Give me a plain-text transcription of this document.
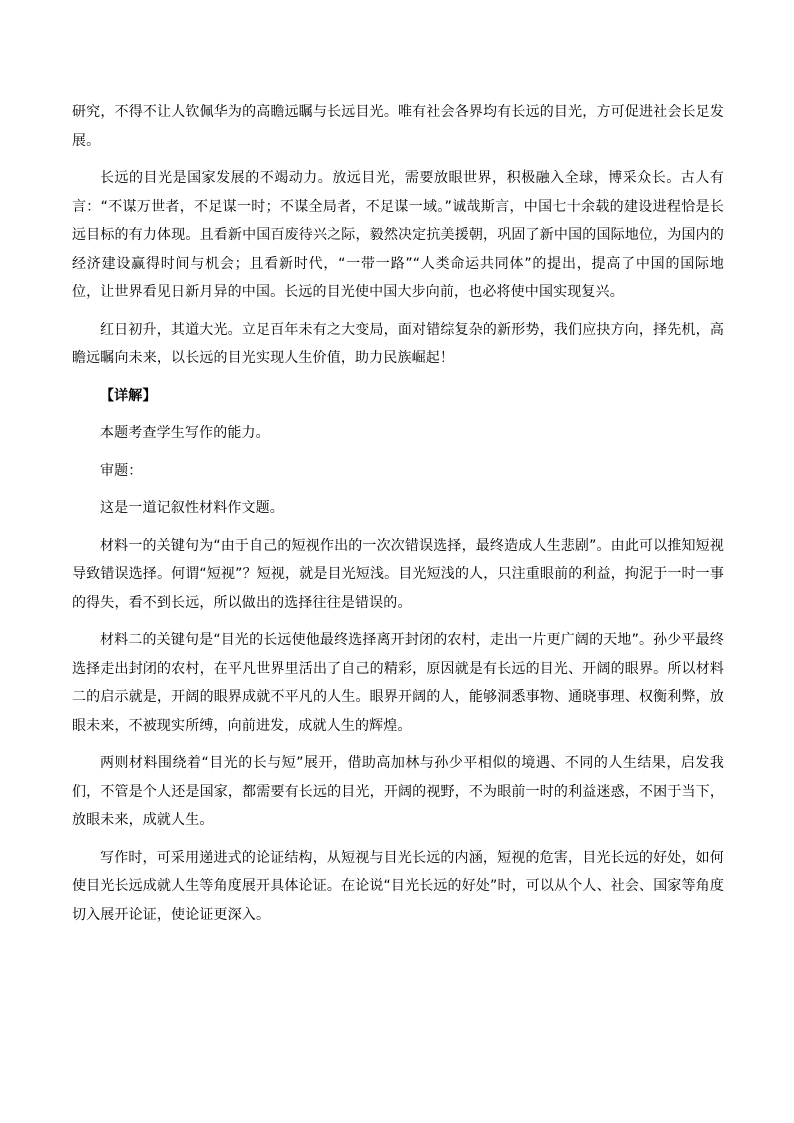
研究，不得不让人钦佩华为的高瞻远瞩与长远目光。唯有社会各界均有长远的目光，方可促进社会长足发展。

长远的目光是国家发展的不竭动力。放远目光，需要放眼世界，积极融入全球，博采众长。古人有言：“不谋万世者，不足谋一时；不谋全局者，不足谋一域。”诚哉斯言，中国七十余载的建设进程恰是长远目标的有力体现。且看新中国百废待兴之际，毅然决定抗美援朝，巩固了新中国的国际地位，为国内的经济建设赢得时间与机会；且看新时代，“一带一路”“人类命运共同体”的提出，提高了中国的国际地位，让世界看见日新月异的中国。长远的目光使中国大步向前，也必将使中国实现复兴。

红日初升，其道大光。立足百年未有之大变局，面对错综复杂的新形势，我们应抉方向，择先机，高瞻远瞩向未来，以长远的目光实现人生价值，助力民族崛起！

【详解】

本题考查学生写作的能力。

审题：

这是一道记叙性材料作文题。

材料一的关键句为“由于自己的短视作出的一次次错误选择，最终造成人生悲剧”。由此可以推知短视导致错误选择。何谓“短视”？短视，就是目光短浅。目光短浅的人，只注重眼前的利益，拘泥于一时一事的得失，看不到长远，所以做出的选择往往是错误的。

材料二的关键句是“目光的长远使他最终选择离开封闭的农村，走出一片更广阔的天地”。孙少平最终选择走出封闭的农村，在平凡世界里活出了自己的精彩，原因就是有长远的目光、开阔的眼界。所以材料二的启示就是，开阔的眼界成就不平凡的人生。眼界开阔的人，能够洞悉事物、通晓事理、权衡利弊，放眼未来，不被现实所缚，向前进发，成就人生的辉煌。

两则材料围绕着“目光的长与短”展开，借助高加林与孙少平相似的境遇、不同的人生结果，启发我们，不管是个人还是国家，都需要有长远的目光，开阔的视野，不为眼前一时的利益迷惑，不困于当下，放眼未来，成就人生。

写作时，可采用递进式的论证结构，从短视与目光长远的内涵，短视的危害，目光长远的好处，如何使目光长远成就人生等角度展开具体论证。在论说“目光长远的好处”时，可以从个人、社会、国家等角度切入展开论证，使论证更深入。
